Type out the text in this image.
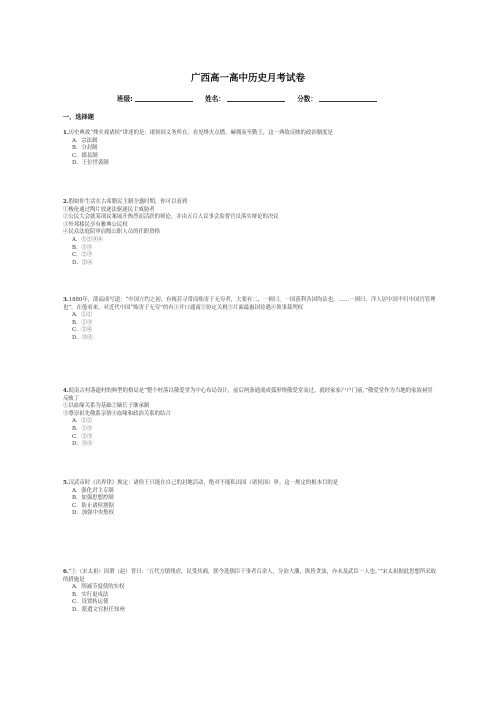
广西高一高中历史月考试卷
班级:	姓名：	分数：
一、选择题

1.历史典故“烽火戏诸侯”讲述的是：诸侯因义务所在，看见烽火点燃，赫拥而至勤王，这一典故反映的政治制度是

A．宗法制

B．分封制

C．郡县制

D．王位世袭制

2.假如你生活在古希腊民主制全盛时期，你可以看到

①梭伦通过陶片放逐法驱逐民主威胁者

②公民大会就某项议案展开热烈而活跃的辩论，并由五百人议事会监督官员落实辩论的决议

③外邦移民享有雅典公民权

④民众法庭陪审而级公职人员的任职资格

A．①②③④

B．①③

C．②③

D．②④

3.1880年，薛福成写道：“中国立约之初，有视若寻常而贻害于无穷者，大要有二，一则曰，一国获利各国均沾也，……一则曰，洋人居中国不归中国官管理也”。在他看来，对近代中国“贻害于无穷”的有①开口通商②协定关税③片面最惠国待遇④领事裁判权

A．①②

B．①③

C．②④

D．③④

4.皖南古村落遗村的典型的格局是“整个村落以敬爱堂为中心布局设计，前后两条通流成弧形绕敬爱堂而过，就经家家户户门前，”敬爱堂作为当地的家族祠堂反映了

①以血缘关系为基础②嫡长子继承制

③尊崇祖先敬系亲情④血缘和政治关系的结合

A．①②

B．①③

C．②③

D．③④

5.汉武帝时《出界律》规定：诸侯王只能在自己的封地活动，绝对不能私出国（诸侯国）界。这一规定的根本目的是

A．强化君主专制

B．加强思想控制

C．防止诸侯割据

D．加强中央集权

6.“上（宋太祖）因谓（赵）普曰：‘五代方镇残虐，民受其祸，朕今选儒臣干事者百余人，分治大藩，纵皆贪浊，亦未及武臣一人也。’”宋太祖据此思想所采取的措施是

A．削减节度使的实权

B．实行更戍法

C．设置转运使

D．派遣文官担任知州
